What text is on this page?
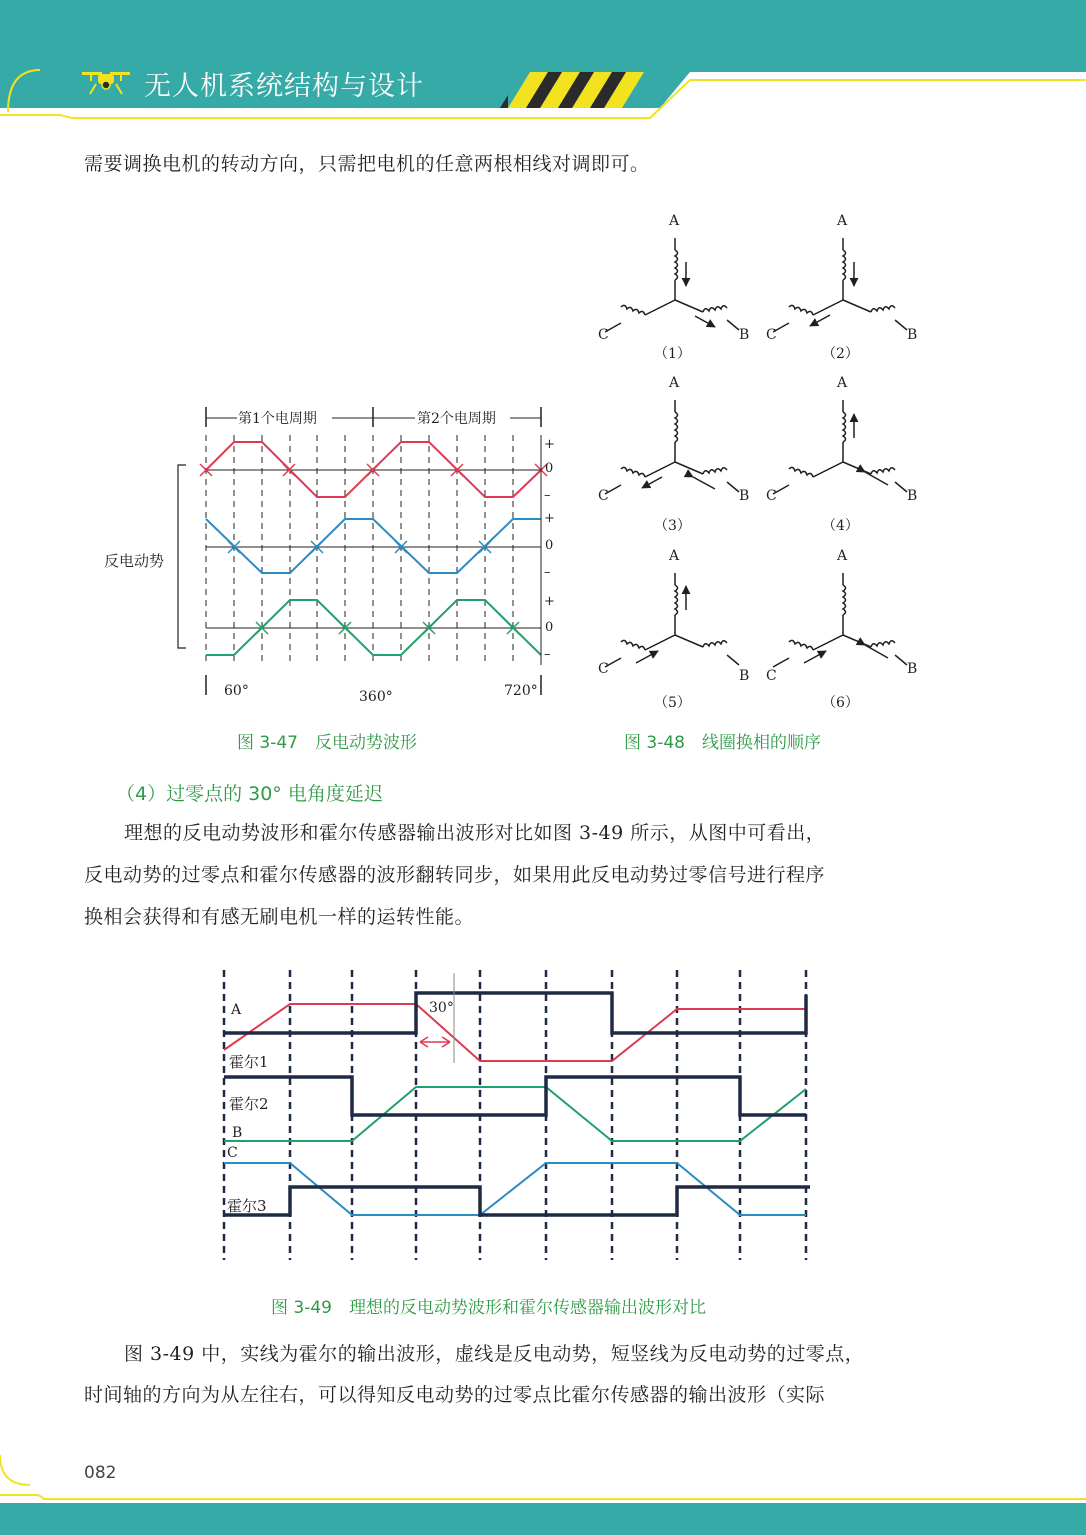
无人机系统结构与设计
需要调换电机的转动方向，只需把电机的任意两根相线对调即可。
第1个电周期	第2个电周期
反电动势
+
0
–
+
0
–
+
0
–
60°	360°	720°
图 3-47　反电动势波形
A
C	B
（1）
A
C	B
（2）
A
C	B
（3）
A
C	B
（4）
A
C	B
（5）
A
C	B
（6）
图 3-48　线圈换相的顺序
（4）过零点的 30° 电角度延迟
理想的反电动势波形和霍尔传感器输出波形对比如图 3-49 所示，从图中可看出，
反电动势的过零点和霍尔传感器的波形翻转同步，如果用此反电动势过零信号进行程序
换相会获得和有感无刷电机一样的运转性能。
A
霍尔1
霍尔2
B
C
霍尔3
30°
图 3-49　理想的反电动势波形和霍尔传感器输出波形对比
图 3-49 中，实线为霍尔的输出波形，虚线是反电动势，短竖线为反电动势的过零点，
时间轴的方向为从左往右，可以得知反电动势的过零点比霍尔传感器的输出波形（实际
082
